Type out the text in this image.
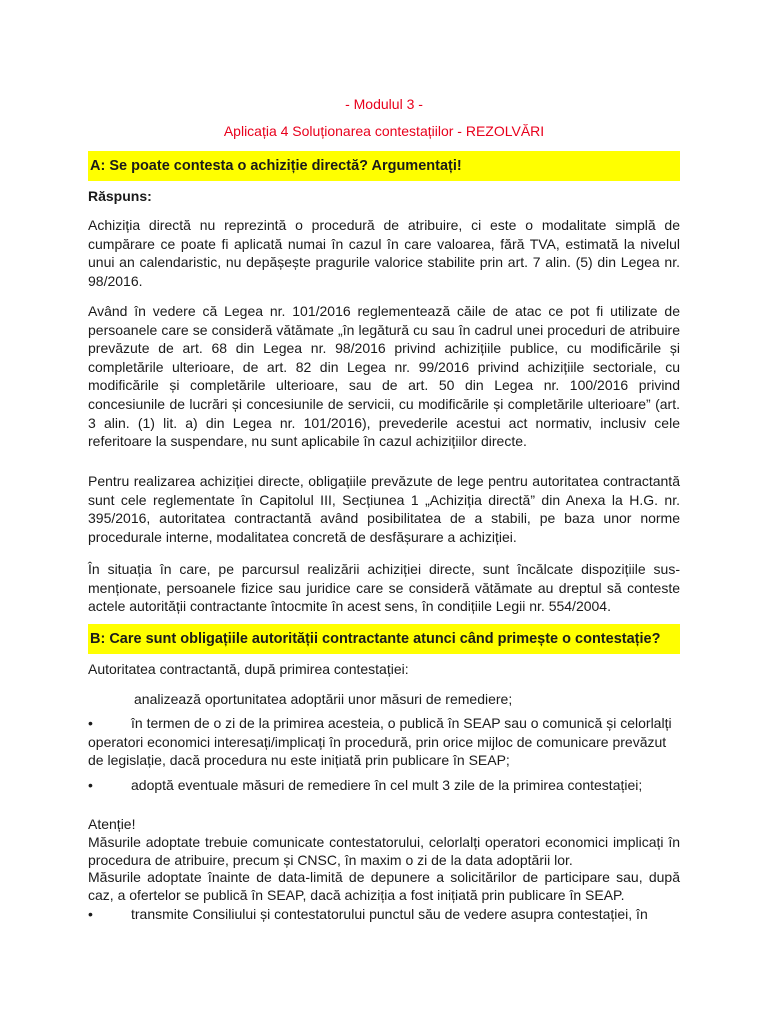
- Modulul 3 -
Aplicația 4 Soluționarea contestațiilor - REZOLVĂRI
A: Se poate contesta o achiziție directă? Argumentați!
Răspuns:
Achiziția directă nu reprezintă o procedură de atribuire, ci este o modalitate simplă de cumpărare ce poate fi aplicată numai în cazul în care valoarea, fără TVA, estimată la nivelul unui an calendaristic, nu depășește pragurile valorice stabilite prin art. 7 alin. (5) din Legea nr. 98/2016.
Având în vedere că Legea nr. 101/2016 reglementează căile de atac ce pot fi utilizate de persoanele care se consideră vătămate „în legătură cu sau în cadrul unei proceduri de atribuire prevăzute de art. 68 din Legea nr. 98/2016 privind achizițiile publice, cu modificările și completările ulterioare, de art. 82 din Legea nr. 99/2016 privind achizițiile sectoriale, cu modificările și completările ulterioare, sau de art. 50 din Legea nr. 100/2016 privind concesiunile de lucrări și concesiunile de servicii, cu modificările și completările ulterioare” (art. 3 alin. (1) lit. a) din Legea nr. 101/2016), prevederile acestui act normativ, inclusiv cele referitoare la suspendare, nu sunt aplicabile în cazul achizițiilor directe.
Pentru realizarea achiziției directe, obligațiile prevăzute de lege pentru autoritatea contractantă sunt cele reglementate în Capitolul III, Secțiunea 1 „Achiziția directă” din Anexa la H.G. nr. 395/2016, autoritatea contractantă având posibilitatea de a stabili, pe baza unor norme procedurale interne, modalitatea concretă de desfășurare a achiziției.
În situația în care, pe parcursul realizării achiziției directe, sunt încălcate dispozițiile sus-menționate, persoanele fizice sau juridice care se consideră vătămate au dreptul să conteste actele autorității contractante întocmite în acest sens, în condițiile Legii nr. 554/2004.
B: Care sunt obligațiile autorității contractante atunci când primește o contestație?
Autoritatea contractantă, după primirea contestației:
analizează oportunitatea adoptării unor măsuri de remediere;
•	în termen de o zi de la primirea acesteia, o publică în SEAP sau o comunică și celorlalți operatori economici interesați/implicați în procedură, prin orice mijloc de comunicare prevăzut de legislație, dacă procedura nu este inițiată prin publicare în SEAP;
•	adoptă eventuale măsuri de remediere în cel mult 3 zile de la primirea contestației;
Atenție!
Măsurile adoptate trebuie comunicate contestatorului, celorlalți operatori economici implicați în procedura de atribuire, precum și CNSC, în maxim o zi de la data adoptării lor.
Măsurile adoptate înainte de data-limită de depunere a solicitărilor de participare sau, după caz, a ofertelor se publică în SEAP, dacă achiziția a fost inițiată prin publicare în SEAP.
•	transmite Consiliului și contestatorului punctul său de vedere asupra contestației, în
